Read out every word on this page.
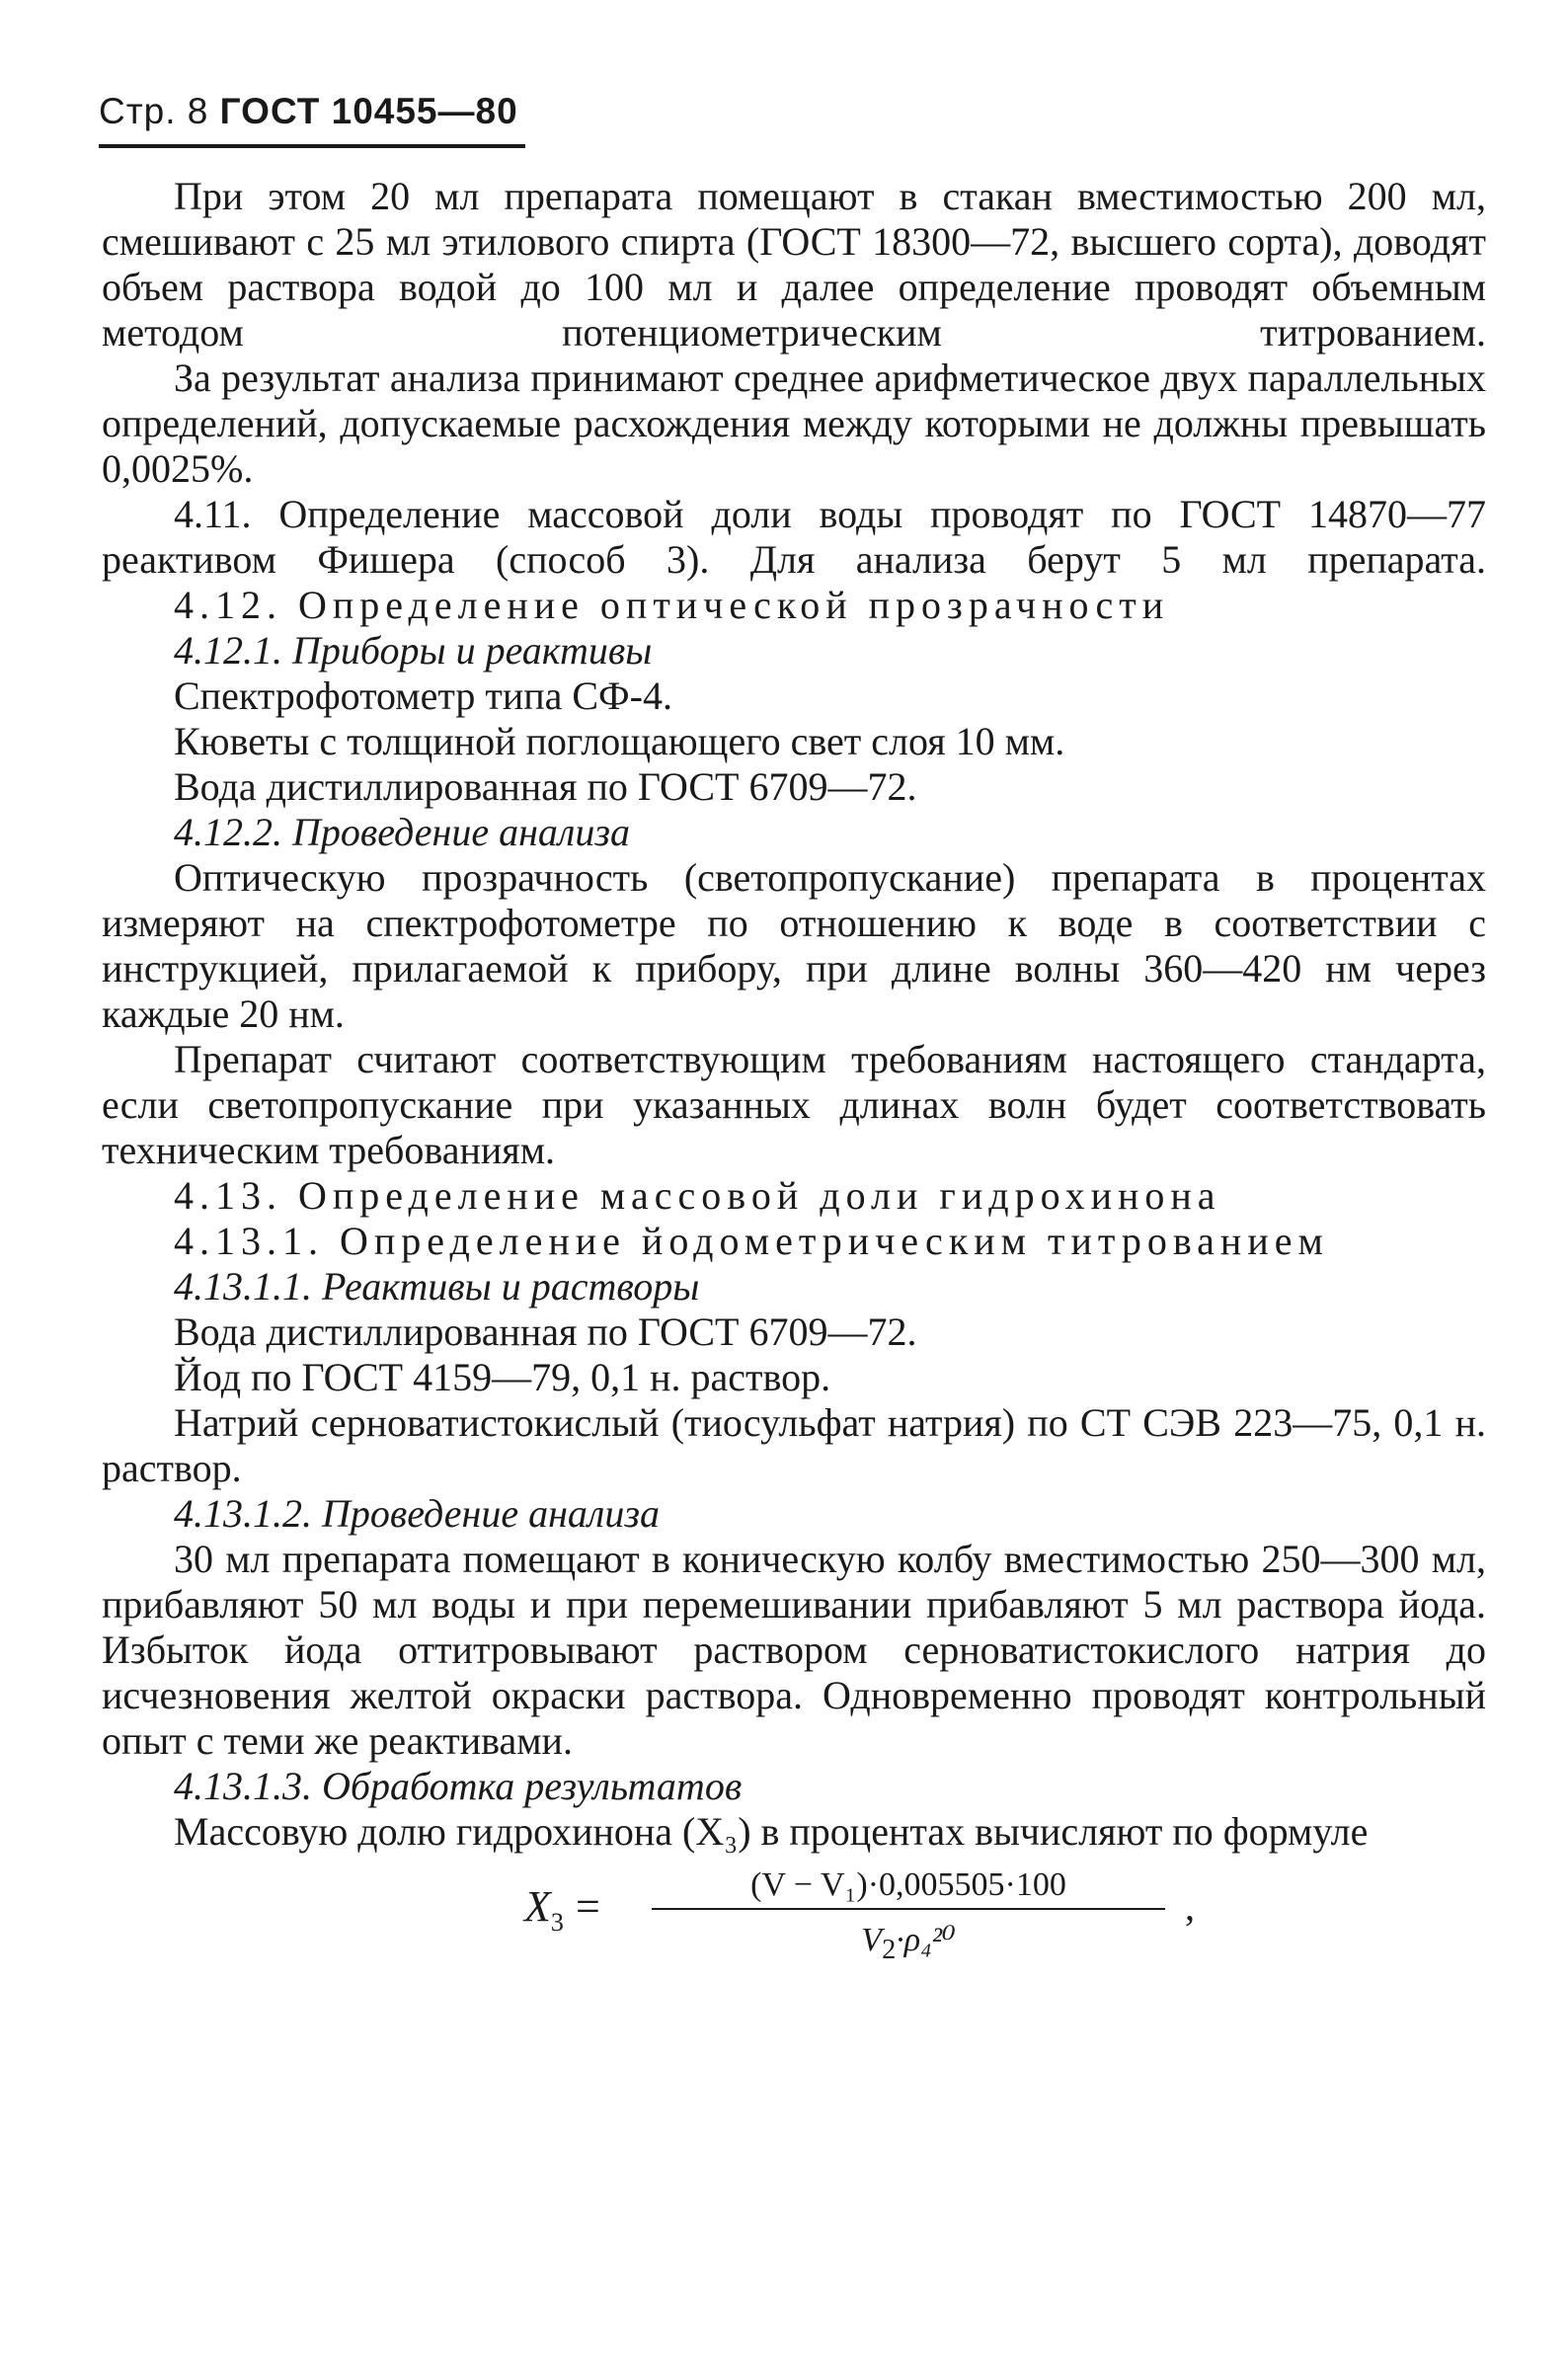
Стр. 8 ГОСТ 10455—80

При этом 20 мл препарата помещают в стакан вместимостью 200 мл, смешивают с 25 мл этилового спирта (ГОСТ 18300—72, высшего сорта), доводят объем раствора водой до 100 мл и далее определение проводят объемным методом потенциометрическим титрованием.

За результат анализа принимают среднее арифметическое двух параллельных определений, допускаемые расхождения между которыми не должны превышать 0,0025%.

4.11. Определение массовой доли воды проводят по ГОСТ 14870—77 реактивом Фишера (способ 3). Для анализа берут 5 мл препарата.

4.12. Определение оптической прозрачности

4.12.1. Приборы и реактивы

Спектрофотометр типа СФ-4.

Кюветы с толщиной поглощающего свет слоя 10 мм.

Вода дистиллированная по ГОСТ 6709—72.

4.12.2. Проведение анализа

Оптическую прозрачность (светопропускание) препарата в процентах измеряют на спектрофотометре по отношению к воде в соответствии с инструкцией, прилагаемой к прибору, при длине волны 360—420 нм через каждые 20 нм.

Препарат считают соответствующим требованиям настоящего стандарта, если светопропускание при указанных длинах волн будет соответствовать техническим требованиям.

4.13. Определение массовой доли гидрохинона

4.13.1. Определение йодометрическим титрованием

4.13.1.1. Реактивы и растворы

Вода дистиллированная по ГОСТ 6709—72.

Йод по ГОСТ 4159—79, 0,1 н. раствор.

Натрий серноватистокислый (тиосульфат натрия) по СТ СЭВ 223—75, 0,1 н. раствор.

4.13.1.2. Проведение анализа

30 мл препарата помещают в коническую колбу вместимостью 250—300 мл, прибавляют 50 мл воды и при перемешивании прибавляют 5 мл раствора йода. Избыток йода оттитровывают раствором серноватистокислого натрия до исчезновения желтой окраски раствора. Одновременно проводят контрольный опыт с теми же реактивами.

4.13.1.3. Обработка результатов

Массовую долю гидрохинона (X₃) в процентах вычисляют по формуле

$X_3$ =	(V − V₁)·0,005505·100
$V_2\cdot\rho_4^{20}$
,
